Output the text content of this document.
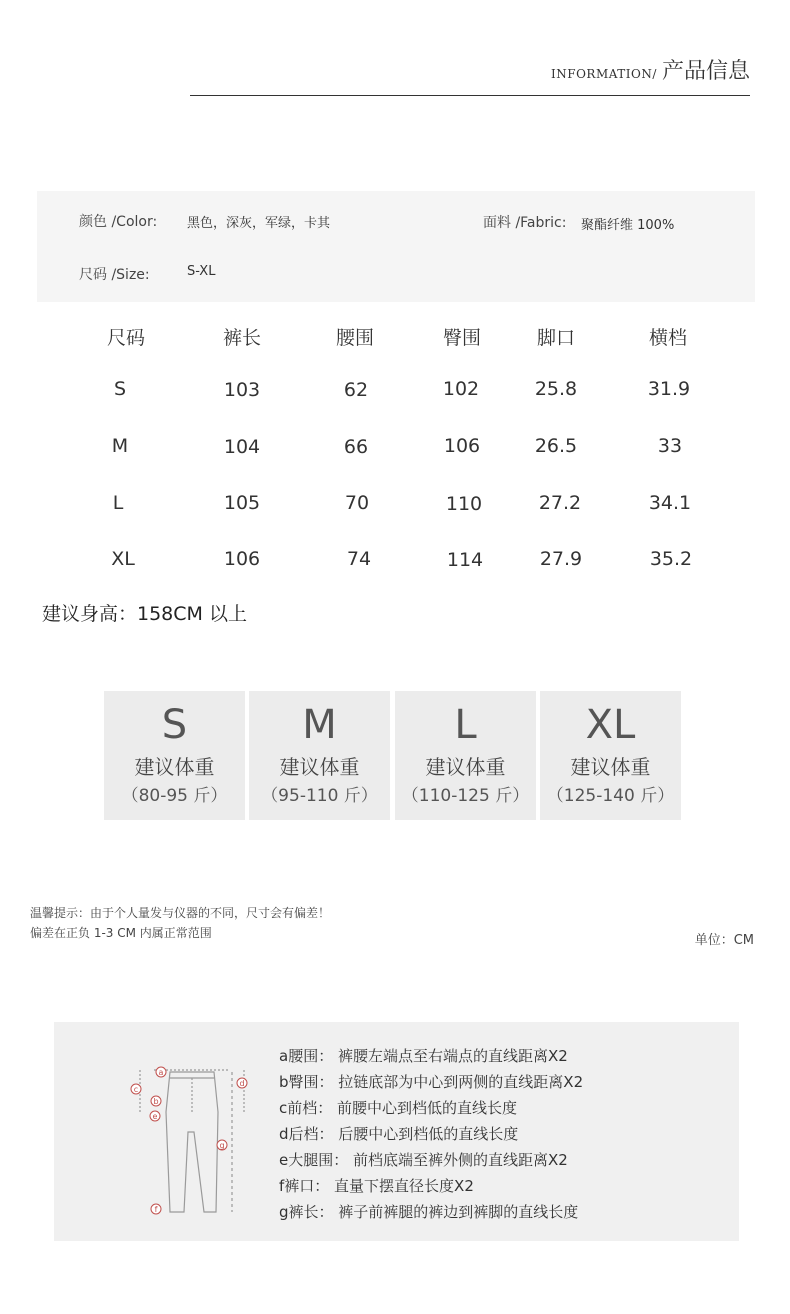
INFORMATION/ 产品信息
颜色 /Color: 黑色，深灰，军绿，卡其	面料 /Fabric: 聚酯纤维 100%
尺码 /Size:	S-XL
尺码	裤长	腰围	臀围	脚口	横档
S	103	62	102	25.8	31.9
M	104	66	106	26.5	33
L	105	70	110	27.2	34.1
XL	106	74	114	27.9	35.2
建议身高：158CM 以上
S
建议体重
（80-95 斤）
M
建议体重
（95-110 斤）
L
建议体重
（110-125 斤）
XL
建议体重
（125-140 斤）
温馨提示：由于个人量发与仪器的不同，尺寸会有偏差！
偏差在正负 1-3 CM 内属正常范围	单位：CM
a
b
c
d
e
f
g
a腰围： 裤腰左端点至右端点的直线距离X2
b臀围： 拉链底部为中心到两侧的直线距离X2
c前档： 前腰中心到档低的直线长度
d后档： 后腰中心到档低的直线长度
e大腿围： 前档底端至裤外侧的直线距离X2
f裤口： 直量下摆直径长度X2
g裤长： 裤子前裤腿的裤边到裤脚的直线长度
